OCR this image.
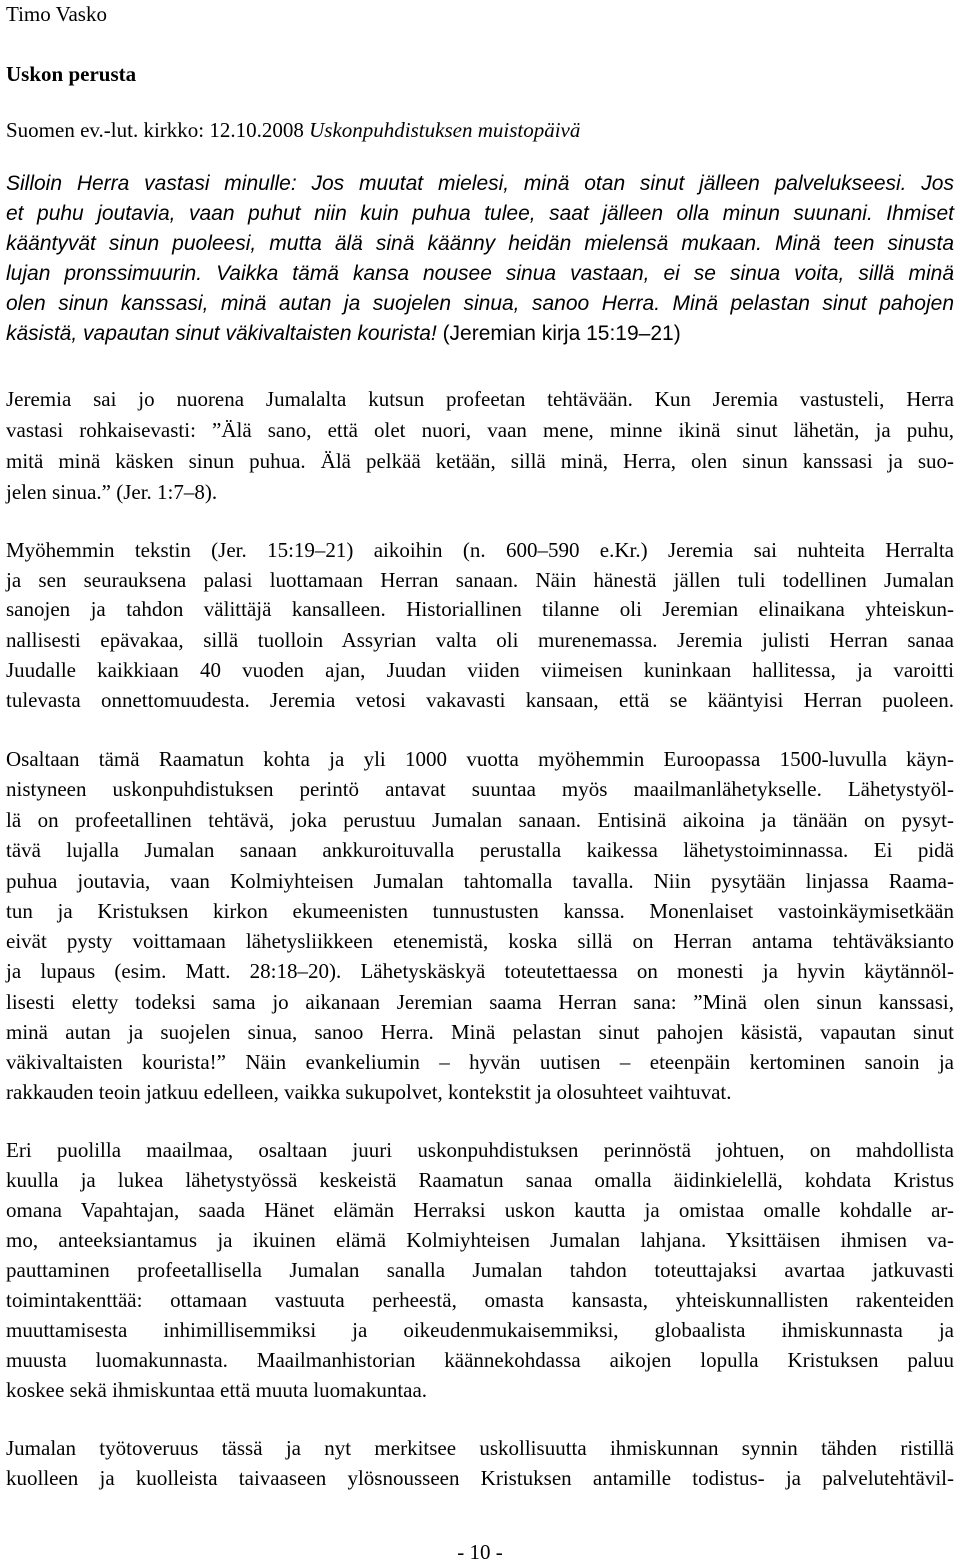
Timo Vasko
Uskon perusta
Suomen ev.-lut. kirkko: 12.10.2008 Uskonpuhdistuksen muistopäivä
Silloin Herra vastasi minulle: Jos muutat mielesi, minä otan sinut jälleen palvelukseesi. Jos
et puhu joutavia, vaan puhut niin kuin puhua tulee, saat jälleen olla minun suunani. Ihmiset
kääntyvät sinun puoleesi, mutta älä sinä käänny heidän mielensä mukaan. Minä teen sinusta
lujan pronssimuurin. Vaikka tämä kansa nousee sinua vastaan, ei se sinua voita, sillä minä
olen sinun kanssasi, minä autan ja suojelen sinua, sanoo Herra. Minä pelastan sinut pahojen
käsistä, vapautan sinut väkivaltaisten kourista! (Jeremian kirja 15:19–21)
Jeremia sai jo nuorena Jumalalta kutsun profeetan tehtävään. Kun Jeremia vastusteli, Herra
vastasi rohkaisevasti: ”Älä sano, että olet nuori, vaan mene, minne ikinä sinut lähetän, ja puhu,
mitä minä käsken sinun puhua. Älä pelkää ketään, sillä minä, Herra, olen sinun kanssasi ja suo-
jelen sinua.” (Jer. 1:7–8).
Myöhemmin tekstin (Jer. 15:19–21) aikoihin (n. 600–590 e.Kr.) Jeremia sai nuhteita Herralta
ja sen seurauksena palasi luottamaan Herran sanaan. Näin hänestä jällen tuli todellinen Jumalan
sanojen ja tahdon välittäjä kansalleen. Historiallinen tilanne oli Jeremian elinaikana yhteiskun-
nallisesti epävakaa, sillä tuolloin Assyrian valta oli murenemassa. Jeremia julisti Herran sanaa
Juudalle kaikkiaan 40 vuoden ajan, Juudan viiden viimeisen kuninkaan hallitessa, ja varoitti
tulevasta onnettomuudesta. Jeremia vetosi vakavasti kansaan, että se kääntyisi Herran puoleen.
Osaltaan tämä Raamatun kohta ja yli 1000 vuotta myöhemmin Euroopassa 1500-luvulla käyn-
nistyneen uskonpuhdistuksen perintö antavat suuntaa myös maailmanlähetykselle. Lähetystyöl-
lä on profeetallinen tehtävä, joka perustuu Jumalan sanaan. Entisinä aikoina ja tänään on pysyt-
tävä lujalla Jumalan sanaan ankkuroituvalla perustalla kaikessa lähetystoiminnassa. Ei pidä
puhua joutavia, vaan Kolmiyhteisen Jumalan tahtomalla tavalla. Niin pysytään linjassa Raama-
tun ja Kristuksen kirkon ekumeenisten tunnustusten kanssa. Monenlaiset vastoinkäymisetkään
eivät pysty voittamaan lähetysliikkeen etenemistä, koska sillä on Herran antama tehtäväksianto
ja lupaus (esim. Matt. 28:18–20). Lähetyskäskyä toteutettaessa on monesti ja hyvin käytännöl-
lisesti eletty todeksi sama jo aikanaan Jeremian saama Herran sana: ”Minä olen sinun kanssasi,
minä autan ja suojelen sinua, sanoo Herra. Minä pelastan sinut pahojen käsistä, vapautan sinut
väkivaltaisten kourista!” Näin evankeliumin – hyvän uutisen – eteenpäin kertominen sanoin ja
rakkauden teoin jatkuu edelleen, vaikka sukupolvet, kontekstit ja olosuhteet vaihtuvat.
Eri puolilla maailmaa, osaltaan juuri uskonpuhdistuksen perinnöstä johtuen, on mahdollista
kuulla ja lukea lähetystyössä keskeistä Raamatun sanaa omalla äidinkielellä, kohdata Kristus
omana Vapahtajan, saada Hänet elämän Herraksi uskon kautta ja omistaa omalle kohdalle ar-
mo, anteeksiantamus ja ikuinen elämä Kolmiyhteisen Jumalan lahjana. Yksittäisen ihmisen va-
pauttaminen profeetallisella Jumalan sanalla Jumalan tahdon toteuttajaksi avartaa jatkuvasti
toimintakenttää: ottamaan vastuuta perheestä, omasta kansasta, yhteiskunnallisten rakenteiden
muuttamisesta inhimillisemmiksi ja oikeudenmukaisemmiksi, globaalista ihmiskunnasta ja
muusta luomakunnasta. Maailmanhistorian käännekohdassa aikojen lopulla Kristuksen paluu
koskee sekä ihmiskuntaa että muuta luomakuntaa.
Jumalan työtoveruus tässä ja nyt merkitsee uskollisuutta ihmiskunnan synnin tähden ristillä
kuolleen ja kuolleista taivaaseen ylösnousseen Kristuksen antamille todistus- ja palvelutehtävil-
- 10 -
